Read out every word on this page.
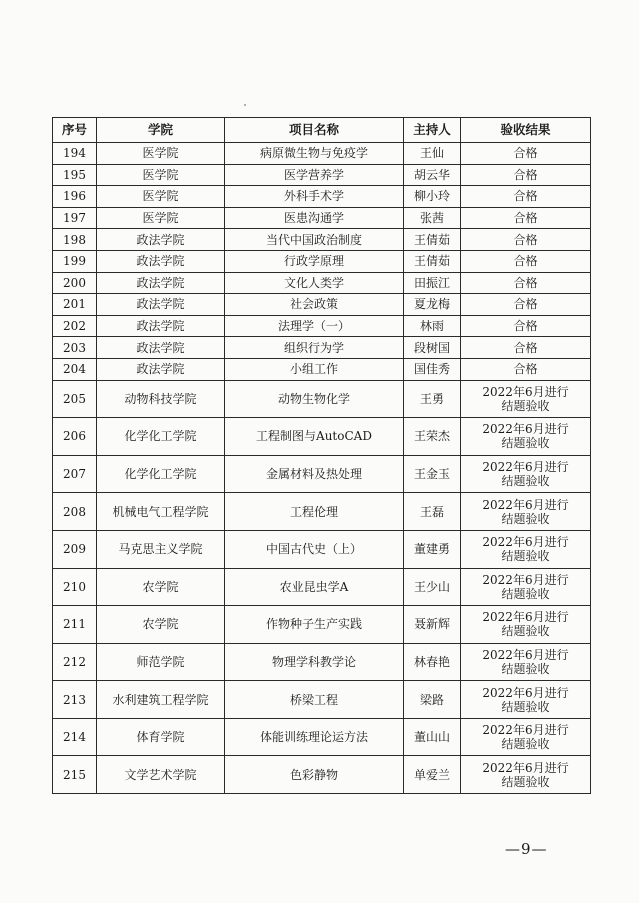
序号	学院	项目名称	主持人	验收结果
194	医学院	病原微生物与免疫学	王仙	合格
195	医学院	医学营养学	胡云华	合格
196	医学院	外科手术学	柳小玲	合格
197	医学院	医患沟通学	张茜	合格
198	政法学院	当代中国政治制度	王倩茹	合格
199	政法学院	行政学原理	王倩茹	合格
200	政法学院	文化人类学	田振江	合格
201	政法学院	社会政策	夏龙梅	合格
202	政法学院	法理学（一）	林雨	合格
203	政法学院	组织行为学	段树国	合格
204	政法学院	小组工作	国佳秀	合格
205	动物科技学院	动物生物化学	王勇	2022年6月进行
结题验收
206	化学化工学院	工程制图与AutoCAD	王荣杰	2022年6月进行
结题验收
207	化学化工学院	金属材料及热处理	王金玉	2022年6月进行
结题验收
208	机械电气工程学院	工程伦理	王磊	2022年6月进行
结题验收
209	马克思主义学院	中国古代史（上）	董建勇	2022年6月进行
结题验收
210	农学院	农业昆虫学A	王少山	2022年6月进行
结题验收
211	农学院	作物种子生产实践	聂新辉	2022年6月进行
结题验收
212	师范学院	物理学科教学论	林春艳	2022年6月进行
结题验收
213	水利建筑工程学院	桥梁工程	梁路	2022年6月进行
结题验收
214	体育学院	体能训练理论运方法	董山山	2022年6月进行
结题验收
215	文学艺术学院	色彩静物	单爱兰	2022年6月进行
结题验收
—9—
